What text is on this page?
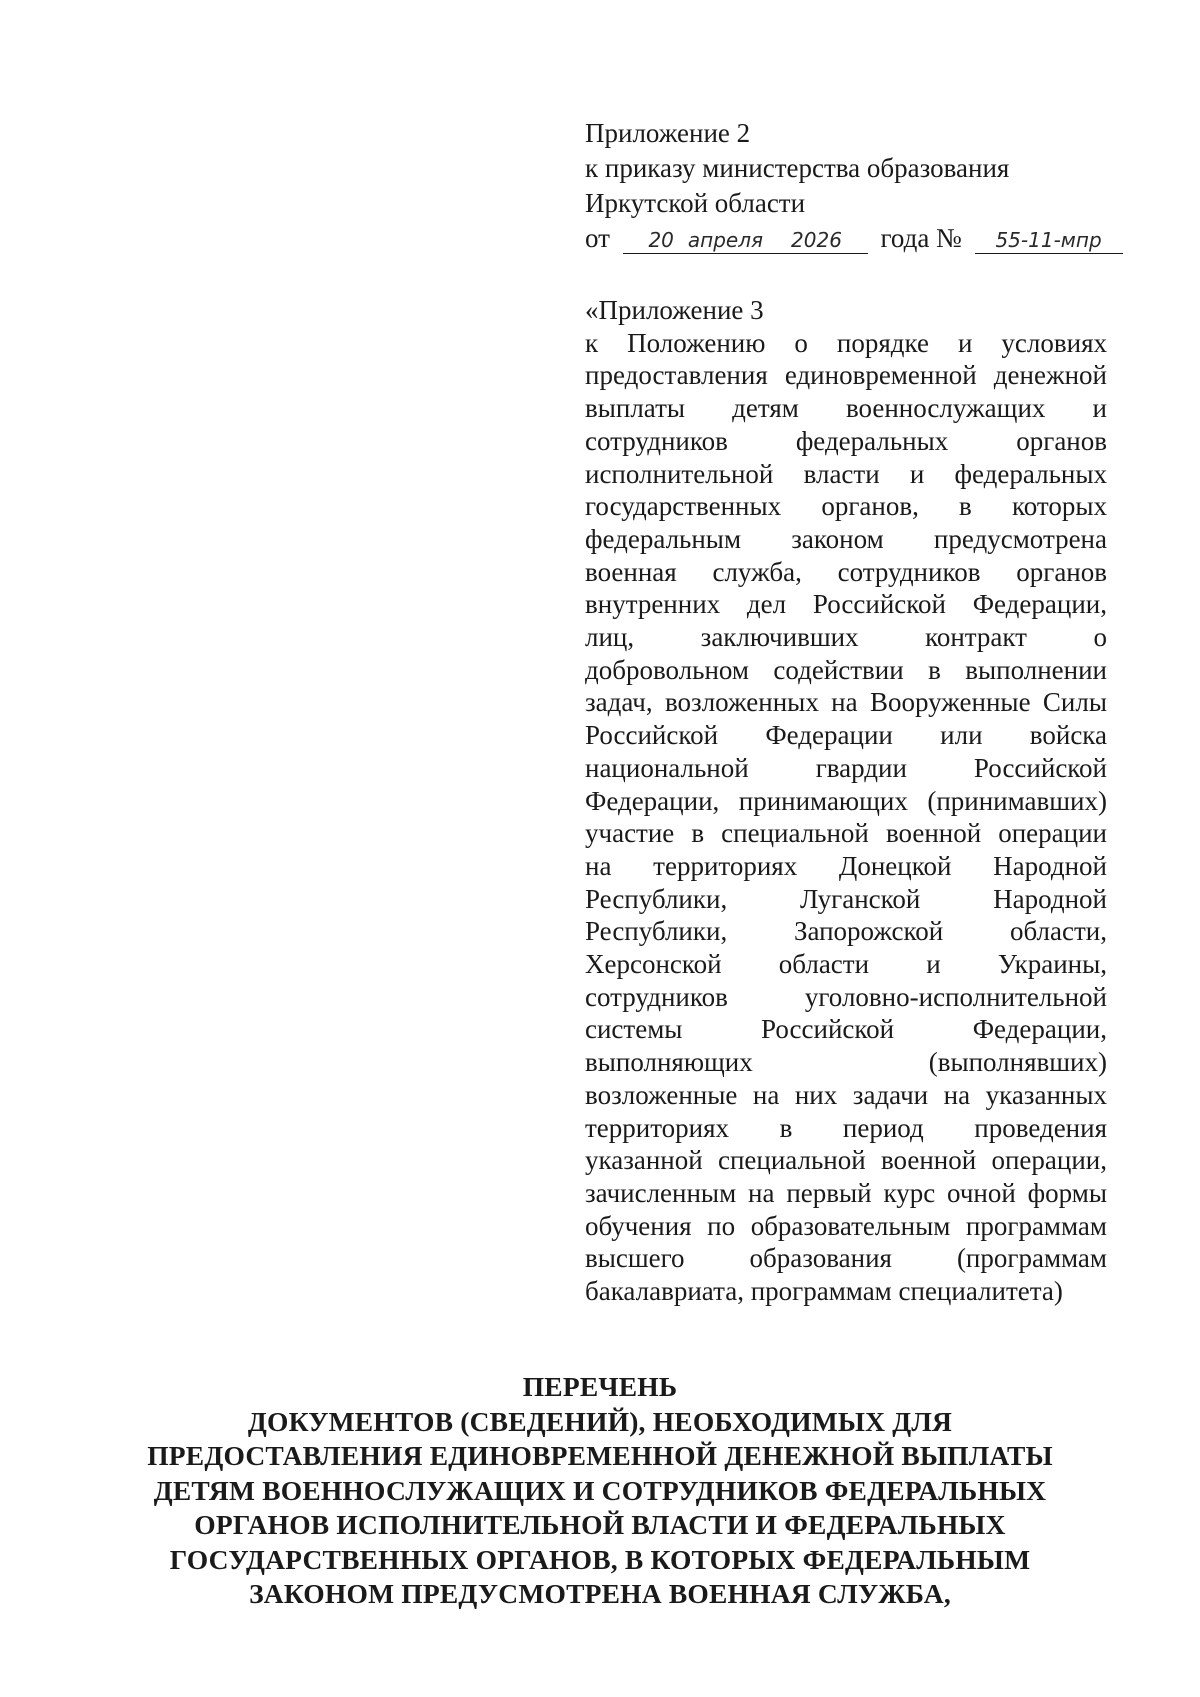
Приложение 2
к приказу министерства образования
Иркутской области
от 20 апреля 2026 года № 55-11-мпр
«Приложение 3
к Положению о порядке и условиях
предоставления единовременной денежной
выплаты детям военнослужащих и
сотрудников федеральных органов
исполнительной власти и федеральных
государственных органов, в которых
федеральным законом предусмотрена
военная служба, сотрудников органов
внутренних дел Российской Федерации,
лиц, заключивших контракт о
добровольном содействии в выполнении
задач, возложенных на Вооруженные Силы
Российской Федерации или войска
национальной гвардии Российской
Федерации, принимающих (принимавших)
участие в специальной военной операции
на территориях Донецкой Народной
Республики, Луганской Народной
Республики, Запорожской области,
Херсонской области и Украины,
сотрудников уголовно-исполнительной
системы Российской Федерации,
выполняющих (выполнявших)
возложенные на них задачи на указанных
территориях в период проведения
указанной специальной военной операции,
зачисленным на первый курс очной формы
обучения по образовательным программам
высшего образования (программам
бакалавриата, программам специалитета)
ПЕРЕЧЕНЬ
ДОКУМЕНТОВ (СВЕДЕНИЙ), НЕОБХОДИМЫХ ДЛЯ
ПРЕДОСТАВЛЕНИЯ ЕДИНОВРЕМЕННОЙ ДЕНЕЖНОЙ ВЫПЛАТЫ
ДЕТЯМ ВОЕННОСЛУЖАЩИХ И СОТРУДНИКОВ ФЕДЕРАЛЬНЫХ
ОРГАНОВ ИСПОЛНИТЕЛЬНОЙ ВЛАСТИ И ФЕДЕРАЛЬНЫХ
ГОСУДАРСТВЕННЫХ ОРГАНОВ, В КОТОРЫХ ФЕДЕРАЛЬНЫМ
ЗАКОНОМ ПРЕДУСМОТРЕНА ВОЕННАЯ СЛУЖБА,
